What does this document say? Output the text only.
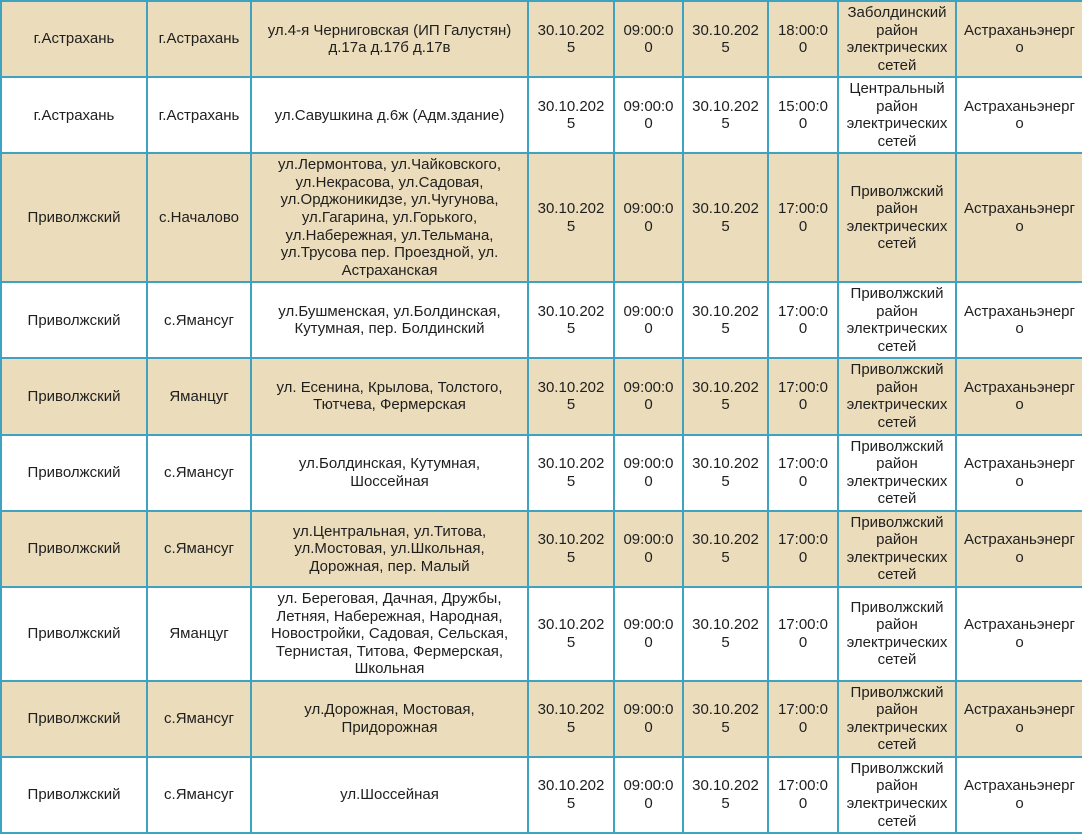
г.Астрахань	г.Астрахань	ул.4-я Черниговская (ИП Галустян) д.17а д.17б д.17в	30.10.2025	09:00:00	30.10.2025	18:00:00	Заболдинский район электрических сетей	Астраханьэнерго
г.Астрахань	г.Астрахань	ул.Савушкина д.6ж (Адм.здание)	30.10.2025	09:00:00	30.10.2025	15:00:00	Центральный район электрических сетей	Астраханьэнерго
Приволжский	с.Началово	ул.Лермонтова, ул.Чайковского, ул.Некрасова, ул.Садовая, ул.Орджоникидзе, ул.Чугунова, ул.Гагарина, ул.Горького, ул.Набережная, ул.Тельмана, ул.Трусова пер. Проездной, ул. Астраханская	30.10.2025	09:00:00	30.10.2025	17:00:00	Приволжский район электрических сетей	Астраханьэнерго
Приволжский	с.Ямансуг	ул.Бушменская, ул.Болдинская, Кутумная, пер. Болдинский	30.10.2025	09:00:00	30.10.2025	17:00:00	Приволжский район электрических сетей	Астраханьэнерго
Приволжский	Яманцуг	ул. Есенина, Крылова, Толстого, Тютчева, Фермерская	30.10.2025	09:00:00	30.10.2025	17:00:00	Приволжский район электрических сетей	Астраханьэнерго
Приволжский	с.Ямансуг	ул.Болдинская, Кутумная, Шоссейная	30.10.2025	09:00:00	30.10.2025	17:00:00	Приволжский район электрических сетей	Астраханьэнерго
Приволжский	с.Ямансуг	ул.Центральная, ул.Титова, ул.Мостовая, ул.Школьная, Дорожная, пер. Малый	30.10.2025	09:00:00	30.10.2025	17:00:00	Приволжский район электрических сетей	Астраханьэнерго
Приволжский	Яманцуг	ул. Береговая, Дачная, Дружбы, Летняя, Набережная, Народная, Новостройки, Садовая, Сельская, Тернистая, Титова, Фермерская, Школьная	30.10.2025	09:00:00	30.10.2025	17:00:00	Приволжский район электрических сетей	Астраханьэнерго
Приволжский	с.Ямансуг	ул.Дорожная, Мостовая, Придорожная	30.10.2025	09:00:00	30.10.2025	17:00:00	Приволжский район электрических сетей	Астраханьэнерго
Приволжский	с.Ямансуг	ул.Шоссейная	30.10.2025	09:00:00	30.10.2025	17:00:00	Приволжский район электрических сетей	Астраханьэнерго
